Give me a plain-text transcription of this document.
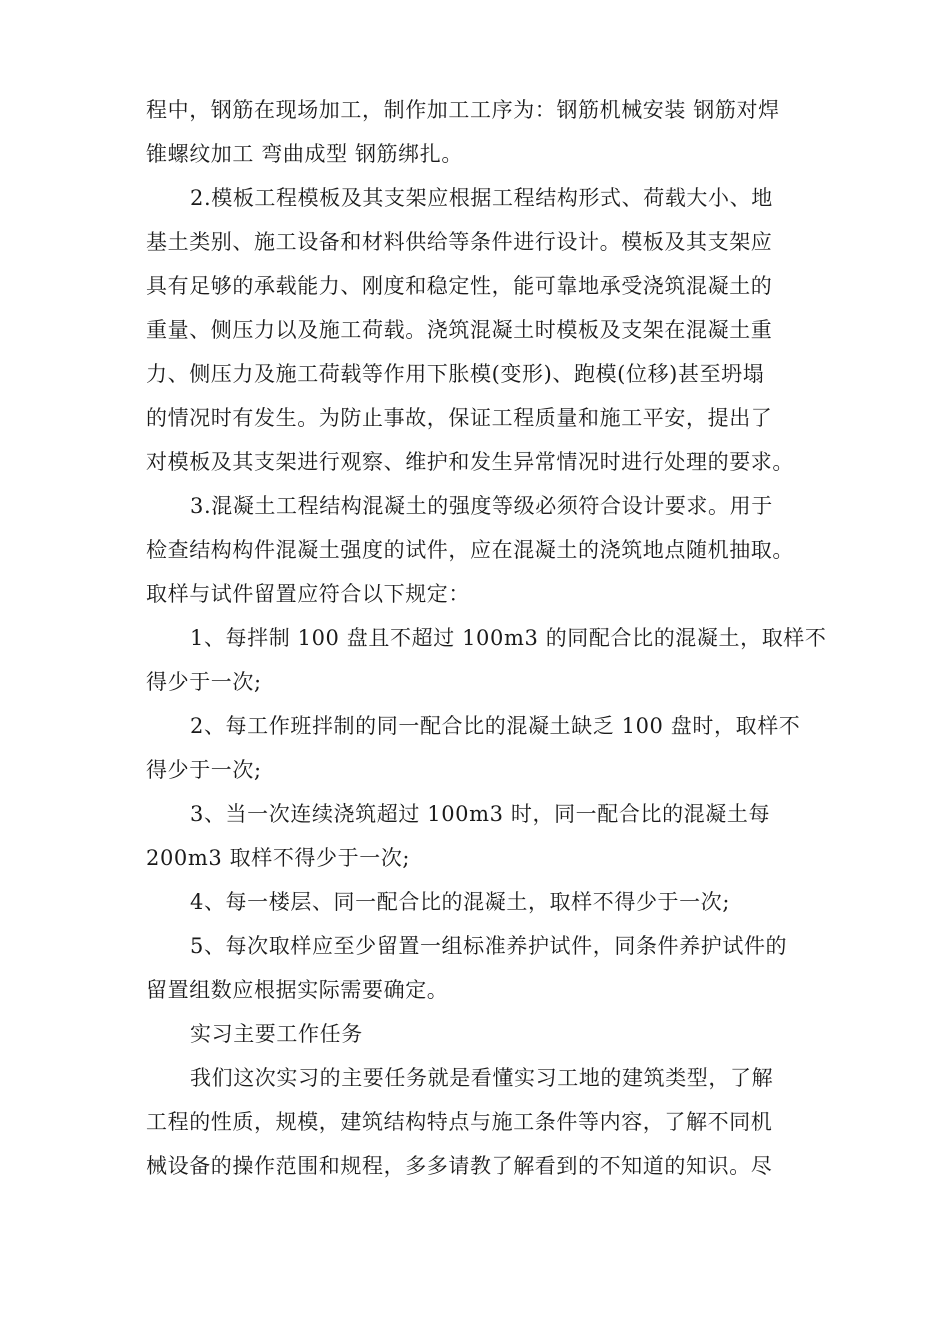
程中，钢筋在现场加工，制作加工工序为：钢筋机械安装 钢筋对焊
锥螺纹加工 弯曲成型 钢筋绑扎。
2.模板工程模板及其支架应根据工程结构形式、荷载大小、地
基土类别、施工设备和材料供给等条件进行设计。模板及其支架应
具有足够的承载能力、刚度和稳定性，能可靠地承受浇筑混凝土的
重量、侧压力以及施工荷载。浇筑混凝土时模板及支架在混凝土重
力、侧压力及施工荷载等作用下胀模(变形)、跑模(位移)甚至坍塌
的情况时有发生。为防止事故，保证工程质量和施工平安，提出了
对模板及其支架进行观察、维护和发生异常情况时进行处理的要求。
3.混凝土工程结构混凝土的强度等级必须符合设计要求。用于
检查结构构件混凝土强度的试件，应在混凝土的浇筑地点随机抽取。
取样与试件留置应符合以下规定：
1、每拌制 100 盘且不超过 100m3 的同配合比的混凝土，取样不
得少于一次;
2、每工作班拌制的同一配合比的混凝土缺乏 100 盘时，取样不
得少于一次;
3、当一次连续浇筑超过 100m3 时，同一配合比的混凝土每
200m3 取样不得少于一次;
4、每一楼层、同一配合比的混凝土，取样不得少于一次;
5、每次取样应至少留置一组标准养护试件，同条件养护试件的
留置组数应根据实际需要确定。
实习主要工作任务
我们这次实习的主要任务就是看懂实习工地的建筑类型，了解
工程的性质，规模，建筑结构特点与施工条件等内容，了解不同机
械设备的操作范围和规程，多多请教了解看到的不知道的知识。尽
